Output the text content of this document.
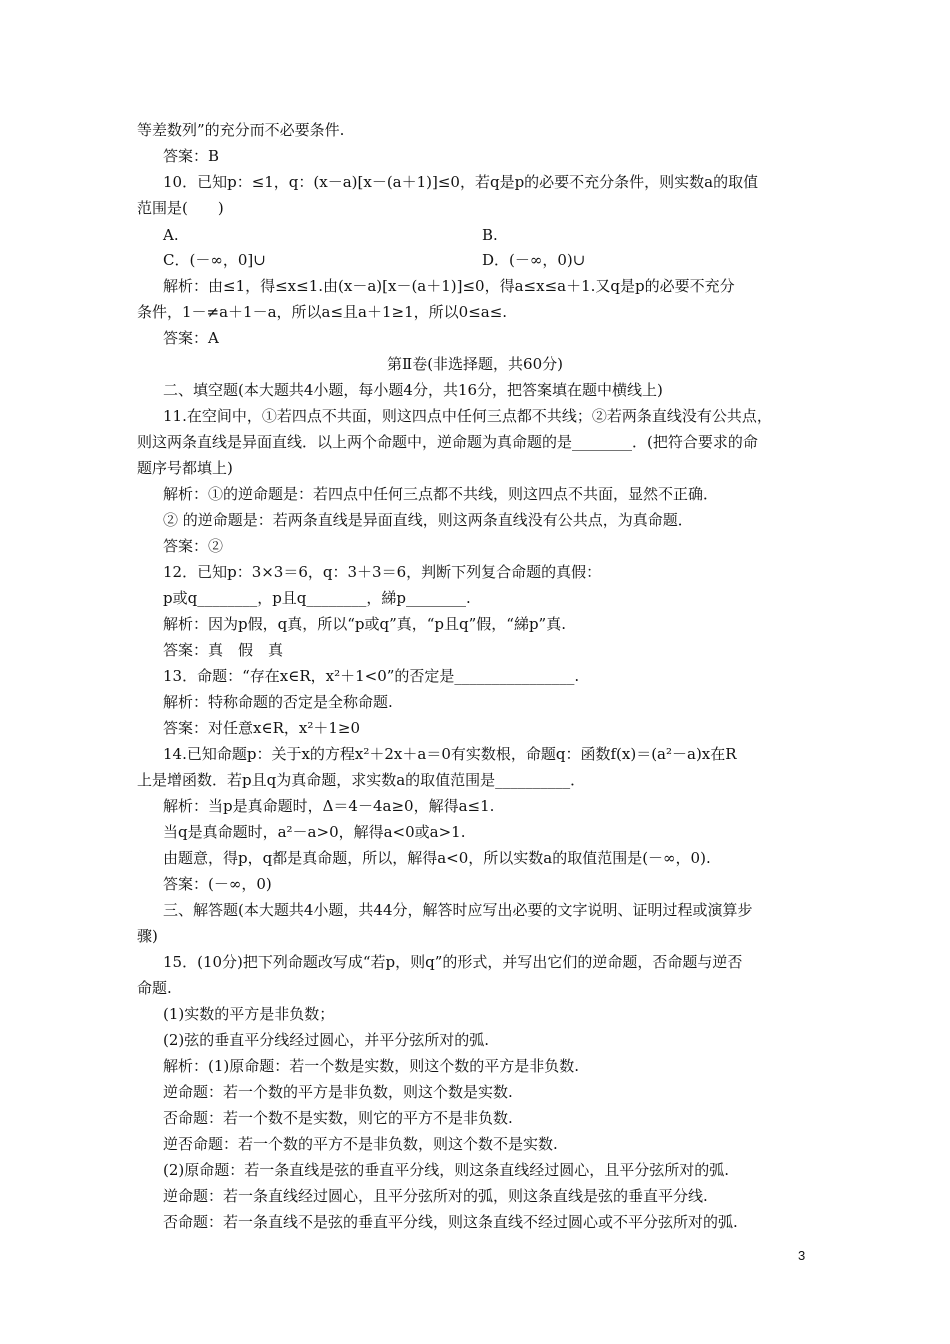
等差数列”的充分而不必要条件.

答案：B

10．已知p：≤1，q：(x－a)[x－(a＋1)]≤0，若q是p的必要不充分条件，则实数a的取值

范围是(　　)

A.	B.

C．(－∞，0]∪	D．(－∞，0)∪

解析：由≤1，得≤x≤1.由(x－a)[x－(a＋1)]≤0，得a≤x≤a＋1.又q是p的必要不充分

条件，1－≠a＋1－a，所以a≤且a＋1≥1，所以0≤a≤.

答案：A

第Ⅱ卷(非选择题，共60分)

二、填空题(本大题共4小题，每小题4分，共16分，把答案填在题中横线上)

11.在空间中，①若四点不共面，则这四点中任何三点都不共线；②若两条直线没有公共点，

则这两条直线是异面直线．以上两个命题中，逆命题为真命题的是________．(把符合要求的命

题序号都填上)

解析：①的逆命题是：若四点中任何三点都不共线，则这四点不共面，显然不正确．

② 的逆命题是：若两条直线是异面直线，则这两条直线没有公共点，为真命题．

答案：②

12．已知p：3×3＝6，q：3＋3＝6，判断下列复合命题的真假：

p或q________，p且q________，綈p________.

解析：因为p假，q真，所以“p或q”真，“p且q”假，“綈p”真.

答案：真　假　真

13．命题：“存在x∈R，x²＋1<0”的否定是________________.

解析：特称命题的否定是全称命题.

答案：对任意x∈R，x²＋1≥0

14.已知命题p：关于x的方程x²＋2x＋a＝0有实数根，命题q：函数f(x)＝(a²－a)x在R

上是增函数．若p且q为真命题，求实数a的取值范围是__________．

解析：当p是真命题时，Δ＝4－4a≥0，解得a≤1.

当q是真命题时，a²－a>0，解得a<0或a>1.

由题意，得p，q都是真命题，所以，解得a<0，所以实数a的取值范围是(－∞，0).

答案：(－∞，0)

三、解答题(本大题共4小题，共44分，解答时应写出必要的文字说明、证明过程或演算步

骤)

15．(10分)把下列命题改写成“若p，则q”的形式，并写出它们的逆命题，否命题与逆否

命题.

(1)实数的平方是非负数；

(2)弦的垂直平分线经过圆心，并平分弦所对的弧.

解析：(1)原命题：若一个数是实数，则这个数的平方是非负数.

逆命题：若一个数的平方是非负数，则这个数是实数.

否命题：若一个数不是实数，则它的平方不是非负数.

逆否命题：若一个数的平方不是非负数，则这个数不是实数.

(2)原命题：若一条直线是弦的垂直平分线，则这条直线经过圆心，且平分弦所对的弧.

逆命题：若一条直线经过圆心，且平分弦所对的弧，则这条直线是弦的垂直平分线.

否命题：若一条直线不是弦的垂直平分线，则这条直线不经过圆心或不平分弦所对的弧.

3
